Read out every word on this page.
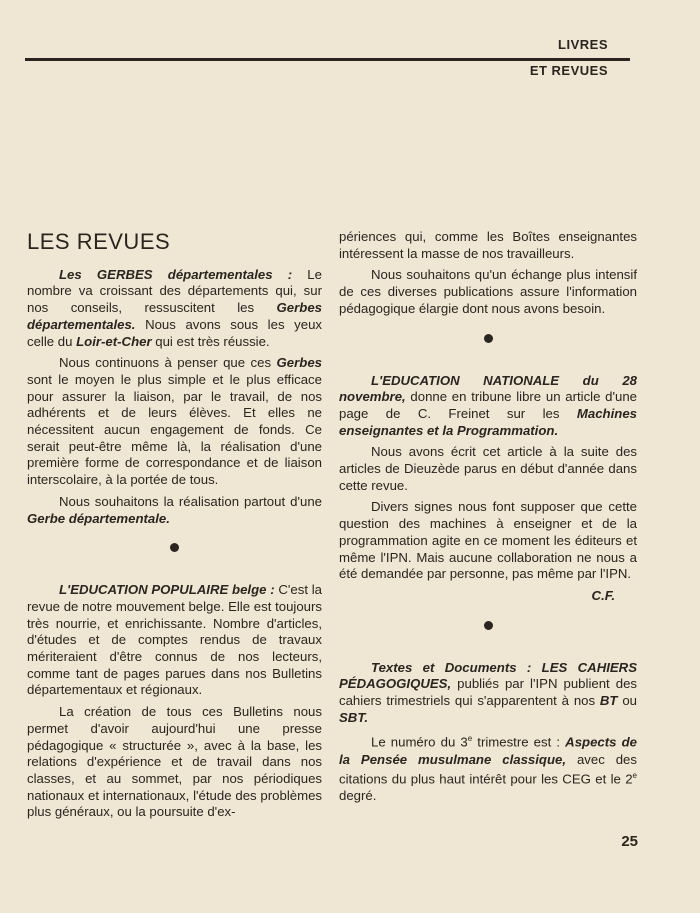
LIVRES
ET REVUES
LES REVUES

Les GERBES départementales : Le nombre va croissant des départements qui, sur nos conseils, ressuscitent les Gerbes départementales. Nous avons sous les yeux celle du Loir-et-Cher qui est très réussie.

Nous continuons à penser que ces Gerbes sont le moyen le plus simple et le plus efficace pour assurer la liaison, par le travail, de nos adhérents et de leurs élèves. Et elles ne nécessitent aucun engagement de fonds. Ce serait peut-être même là, la réalisation d'une première forme de correspondance et de liaison interscolaire, à la portée de tous.

Nous souhaitons la réalisation partout d'une Gerbe départementale.

L'EDUCATION POPULAIRE belge : C'est la revue de notre mouvement belge. Elle est toujours très nourrie, et enrichissante. Nombre d'articles, d'études et de comptes rendus de travaux mériteraient d'être connus de nos lecteurs, comme tant de pages parues dans nos Bulletins départementaux et régionaux.

La création de tous ces Bulletins nous permet d'avoir aujourd'hui une presse pédagogique « structurée », avec à la base, les relations d'expérience et de travail dans nos classes, et au sommet, par nos périodiques nationaux et internationaux, l'étude des problèmes plus généraux, ou la poursuite d'ex-

périences qui, comme les Boîtes enseignantes intéressent la masse de nos travailleurs.

Nous souhaitons qu'un échange plus intensif de ces diverses publications assure l'information pédagogique élargie dont nous avons besoin.

L'EDUCATION NATIONALE du 28 novembre, donne en tribune libre un article d'une page de C. Freinet sur les Machines enseignantes et la Programmation.

Nous avons écrit cet article à la suite des articles de Dieuzède parus en début d'année dans cette revue.

Divers signes nous font supposer que cette question des machines à enseigner et de la programmation agite en ce moment les éditeurs et même l'IPN. Mais aucune collaboration ne nous a été demandée par personne, pas même par l'IPN.

C.F.

Textes et Documents : LES CAHIERS PÉDAGOGIQUES, publiés par l'IPN publient des cahiers trimestriels qui s'apparentent à nos BT ou SBT.

Le numéro du 3e trimestre est : Aspects de la Pensée musulmane classique, avec des citations du plus haut intérêt pour les CEG et le 2e degré.

25
